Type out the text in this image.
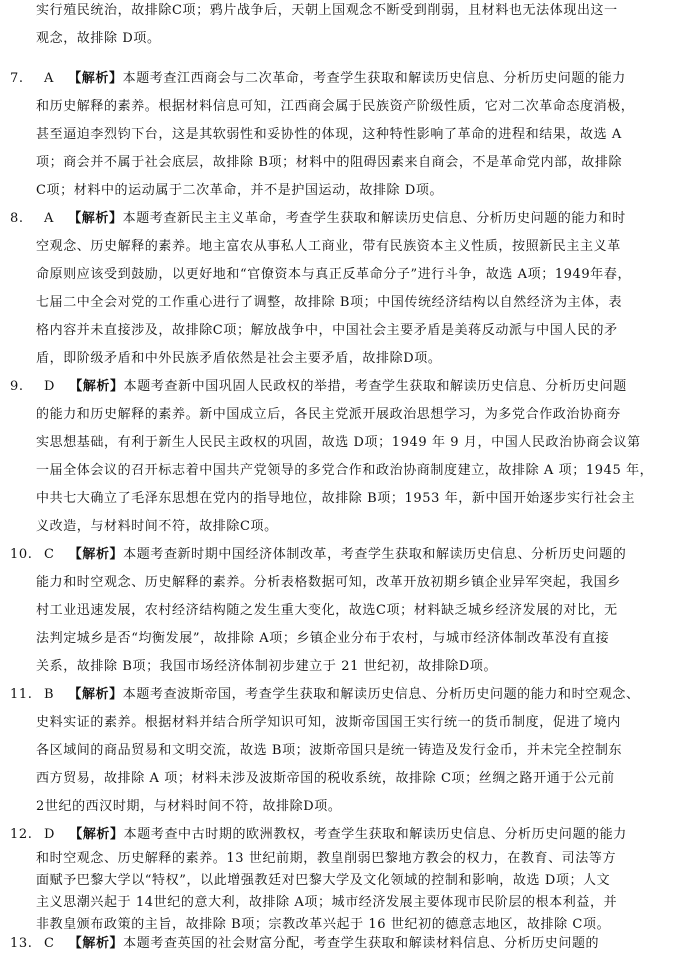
实行殖民统治，故排除C项；鸦片战争后，天朝上国观念不断受到削弱，且材料也无法体现出这一
观念，故排除 D项。
7. A 【解析】本题考查江西商会与二次革命，考查学生获取和解读历史信息、分析历史问题的能力
和历史解释的素养。根据材料信息可知，江西商会属于民族资产阶级性质，它对二次革命态度消极，
甚至逼迫李烈钧下台，这是其软弱性和妥协性的体现，这种特性影响了革命的进程和结果，故选 A
项；商会并不属于社会底层，故排除 B项；材料中的阻碍因素来自商会，不是革命党内部，故排除
C项；材料中的运动属于二次革命，并不是护国运动，故排除 D项。
8. A 【解析】本题考查新民主主义革命，考查学生获取和解读历史信息、分析历史问题的能力和时
空观念、历史解释的素养。地主富农从事私人工商业，带有民族资本主义性质，按照新民主主义革
命原则应该受到鼓励，以更好地和“官僚资本与真正反革命分子”进行斗争，故选 A项；1949年春，
七届二中全会对党的工作重心进行了调整，故排除 B项；中国传统经济结构以自然经济为主体，表
格内容并未直接涉及，故排除C项；解放战争中，中国社会主要矛盾是美蒋反动派与中国人民的矛
盾，即阶级矛盾和中外民族矛盾依然是社会主要矛盾，故排除D项。
9. D 【解析】本题考查新中国巩固人民政权的举措，考查学生获取和解读历史信息、分析历史问题
的能力和历史解释的素养。新中国成立后，各民主党派开展政治思想学习，为多党合作政治协商夯
实思想基础，有利于新生人民民主政权的巩固，故选 D项；1949 年 9 月，中国人民政治协商会议第
一届全体会议的召开标志着中国共产党领导的多党合作和政治协商制度建立，故排除 A 项；1945 年，
中共七大确立了毛泽东思想在党内的指导地位，故排除 B项；1953 年，新中国开始逐步实行社会主
义改造，与材料时间不符，故排除C项。
10. C 【解析】本题考查新时期中国经济体制改革，考查学生获取和解读历史信息、分析历史问题的
能力和时空观念、历史解释的素养。分析表格数据可知，改革开放初期乡镇企业异军突起，我国乡
村工业迅速发展，农村经济结构随之发生重大变化，故选C项；材料缺乏城乡经济发展的对比，无
法判定城乡是否“均衡发展”，故排除 A项；乡镇企业分布于农村，与城市经济体制改革没有直接
关系，故排除 B项；我国市场经济体制初步建立于 21 世纪初，故排除D项。
11. B 【解析】本题考查波斯帝国，考查学生获取和解读历史信息、分析历史问题的能力和时空观念、
史料实证的素养。根据材料并结合所学知识可知，波斯帝国国王实行统一的货币制度，促进了境内
各区域间的商品贸易和文明交流，故选 B项；波斯帝国只是统一铸造及发行金币，并未完全控制东
西方贸易，故排除 A 项；材料未涉及波斯帝国的税收系统，故排除 C项；丝绸之路开通于公元前
2世纪的西汉时期，与材料时间不符，故排除D项。
12. D 【解析】本题考查中古时期的欧洲教权，考查学生获取和解读历史信息、分析历史问题的能力
和时空观念、历史解释的素养。13 世纪前期，教皇削弱巴黎地方教会的权力，在教育、司法等方
面赋予巴黎大学以“特权”，以此增强教廷对巴黎大学及文化领域的控制和影响，故选 D项；人文
主义思潮兴起于 14世纪的意大利，故排除 A项；城市经济发展主要体现市民阶层的根本利益，并
非教皇颁布政策的主旨，故排除 B项；宗教改革兴起于 16 世纪初的德意志地区，故排除 C项。
13. C 【解析】本题考查英国的社会财富分配，考查学生获取和解读材料信息、分析历史问题的
